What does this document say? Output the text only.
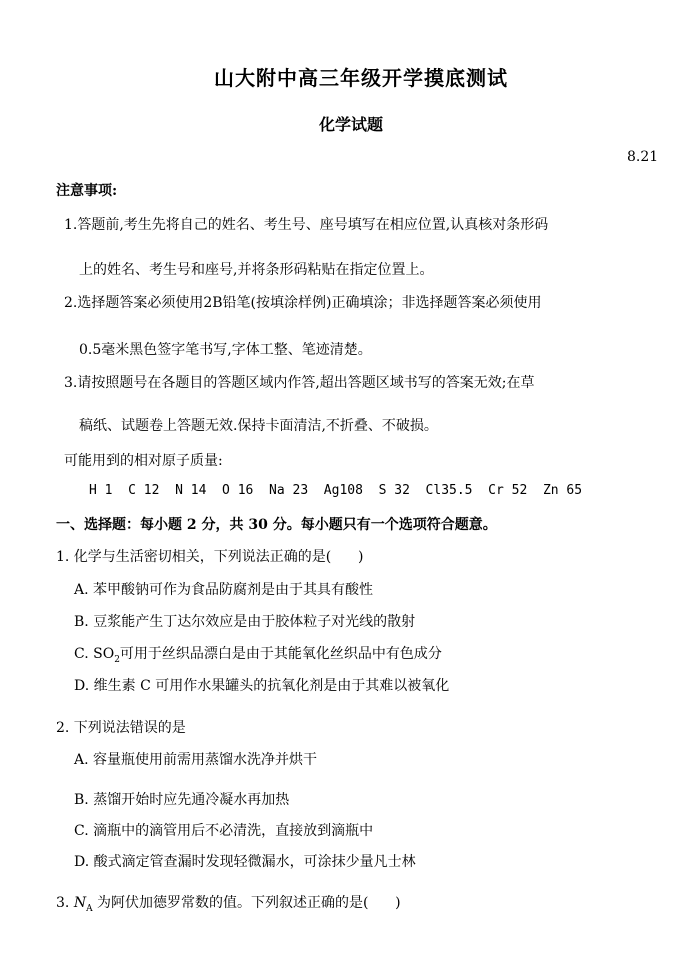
山大附中高三年级开学摸底测试
化学试题
8.21
注意事项:
1.答题前,考生先将自己的姓名、考生号、座号填写在相应位置,认真核对条形码
上的姓名、考生号和座号,并将条形码粘贴在指定位置上。
2.选择题答案必须使用2B铅笔(按填涂样例)正确填涂；非选择题答案必须使用
0.5毫米黑色签字笔书写,字体工整、笔迹清楚。
3.请按照题号在各题目的答题区域内作答,超出答题区域书写的答案无效;在草
稿纸、试题卷上答题无效.保持卡面清洁,不折叠、不破损。
可能用到的相对原子质量:
H 1  C 12  N 14  O 16  Na 23  Ag108  S 32  Cl35.5  Cr 52  Zn 65
一、选择题：每小题 2 分，共 30 分。每小题只有一个选项符合题意。
1. 化学与生活密切相关，下列说法正确的是(      )
A. 苯甲酸钠可作为食品防腐剂是由于其具有酸性
B. 豆浆能产生丁达尔效应是由于胶体粒子对光线的散射
C. $SO_2$可用于丝织品漂白是由于其能氧化丝织品中有色成分
D. 维生素 C 可用作水果罐头的抗氧化剂是由于其难以被氧化
2. 下列说法错误的是
A. 容量瓶使用前需用蒸馏水洗净并烘干
B. 蒸馏开始时应先通冷凝水再加热
C. 滴瓶中的滴管用后不必清洗，直接放到滴瓶中
D. 酸式滴定管查漏时发现轻微漏水，可涂抹少量凡士林
3. $N_A$ 为阿伏加德罗常数的值。下列叙述正确的是(      )
